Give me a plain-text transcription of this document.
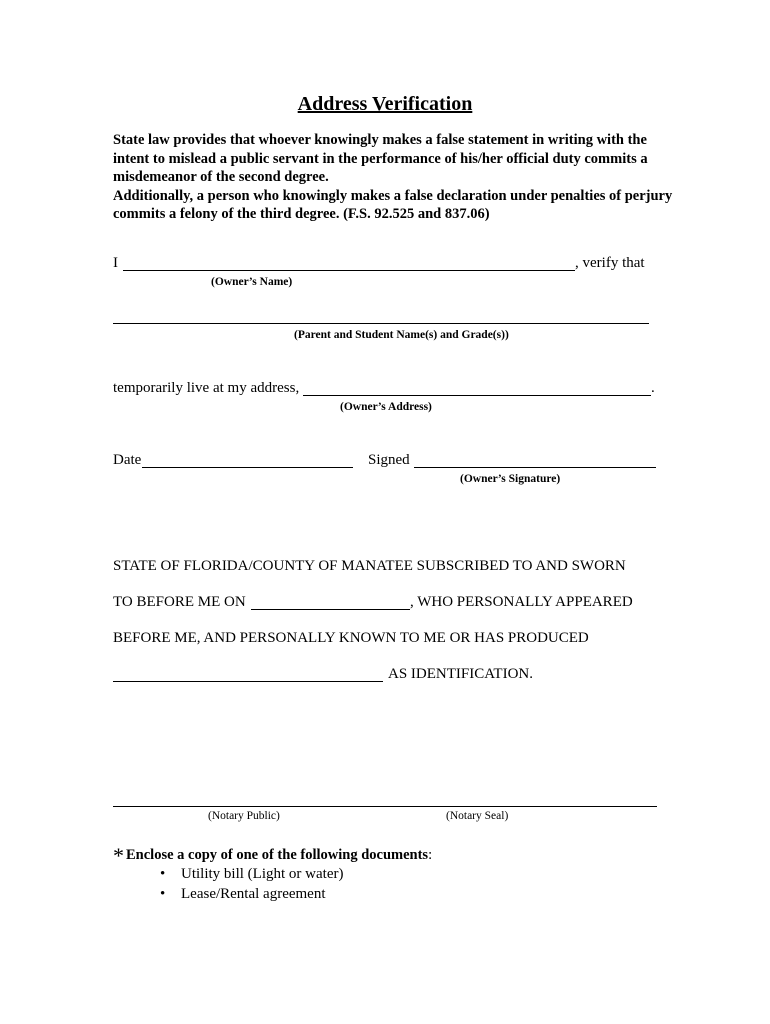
Address Verification

State law provides that whoever knowingly makes a false statement in writing with the intent to mislead a public servant in the performance of his/her official duty commits a misdemeanor of the second degree.

Additionally, a person who knowingly makes a false declaration under penalties of perjury commits a felony of the third degree. (F.S. 92.525 and 837.06)

I	, verify that
(Owner’s Name)
(Parent and Student Name(s) and Grade(s))
temporarily live at my address,	.
(Owner’s Address)
Date	Signed
(Owner’s Signature)
STATE OF FLORIDA/COUNTY OF MANATEE SUBSCRIBED TO AND SWORN
TO BEFORE ME ON	, WHO PERSONALLY APPEARED
BEFORE ME, AND PERSONALLY KNOWN TO ME OR HAS PRODUCED
AS IDENTIFICATION.
(Notary Public)	(Notary Seal)
* Enclose a copy of one of the following documents:
• Utility bill (Light or water)
• Lease/Rental agreement
